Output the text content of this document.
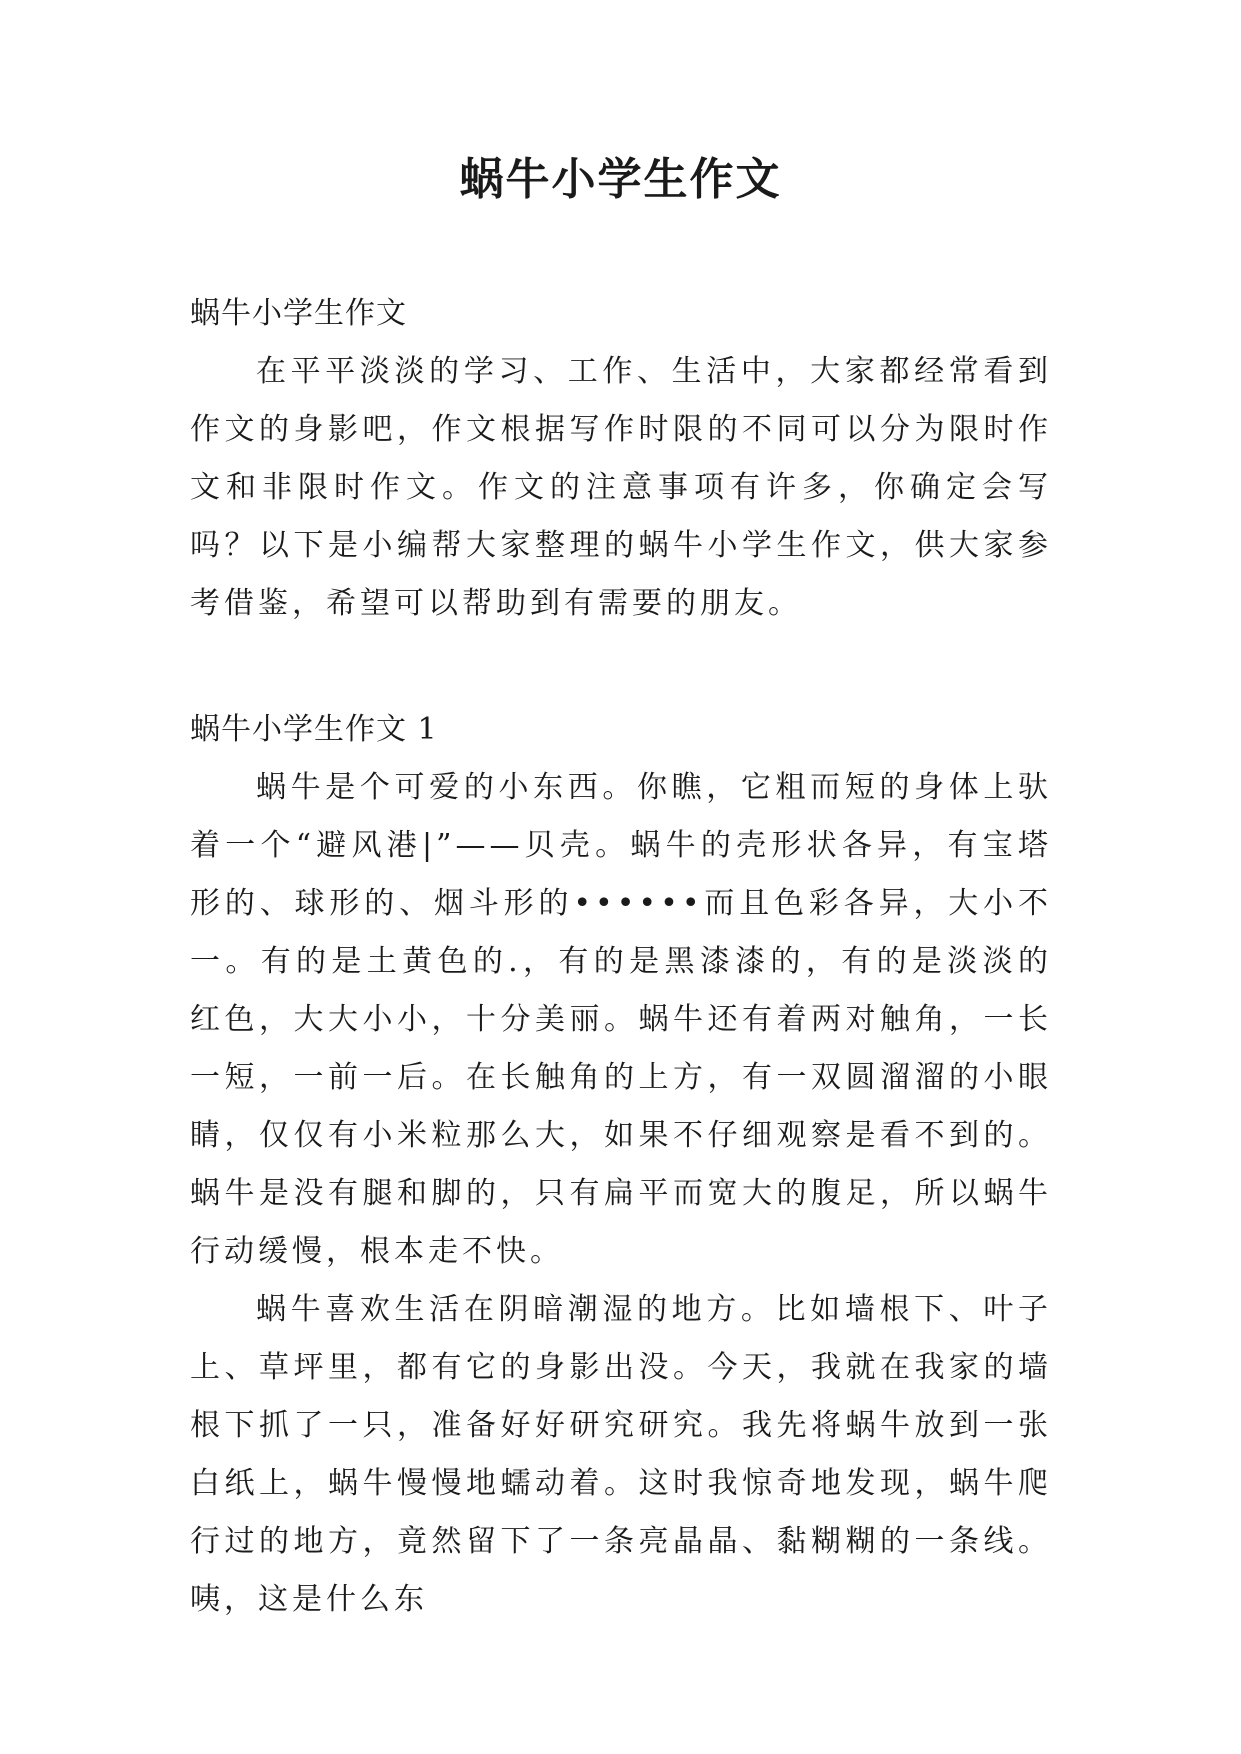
蜗牛小学生作文

蜗牛小学生作文

在平平淡淡的学习、工作、生活中，大家都经常看到作文的身影吧，作文根据写作时限的不同可以分为限时作文和非限时作文。作文的注意事项有许多，你确定会写吗？以下是小编帮大家整理的蜗牛小学生作文，供大家参考借鉴，希望可以帮助到有需要的朋友。

蜗牛小学生作文 1

蜗牛是个可爱的小东西。你瞧，它粗而短的身体上驮着一个“避风港|”——贝壳。蜗牛的壳形状各异，有宝塔形的、球形的、烟斗形的••••••而且色彩各异，大小不一。有的是土黄色的.，有的是黑漆漆的，有的是淡淡的红色，大大小小，十分美丽。蜗牛还有着两对触角，一长一短，一前一后。在长触角的上方，有一双圆溜溜的小眼睛，仅仅有小米粒那么大，如果不仔细观察是看不到的。蜗牛是没有腿和脚的，只有扁平而宽大的腹足，所以蜗牛行动缓慢，根本走不快。

蜗牛喜欢生活在阴暗潮湿的地方。比如墙根下、叶子上、草坪里，都有它的身影出没。今天，我就在我家的墙根下抓了一只，准备好好研究研究。我先将蜗牛放到一张白纸上，蜗牛慢慢地蠕动着。这时我惊奇地发现，蜗牛爬行过的地方，竟然留下了一条亮晶晶、黏糊糊的一条线。咦，这是什么东
